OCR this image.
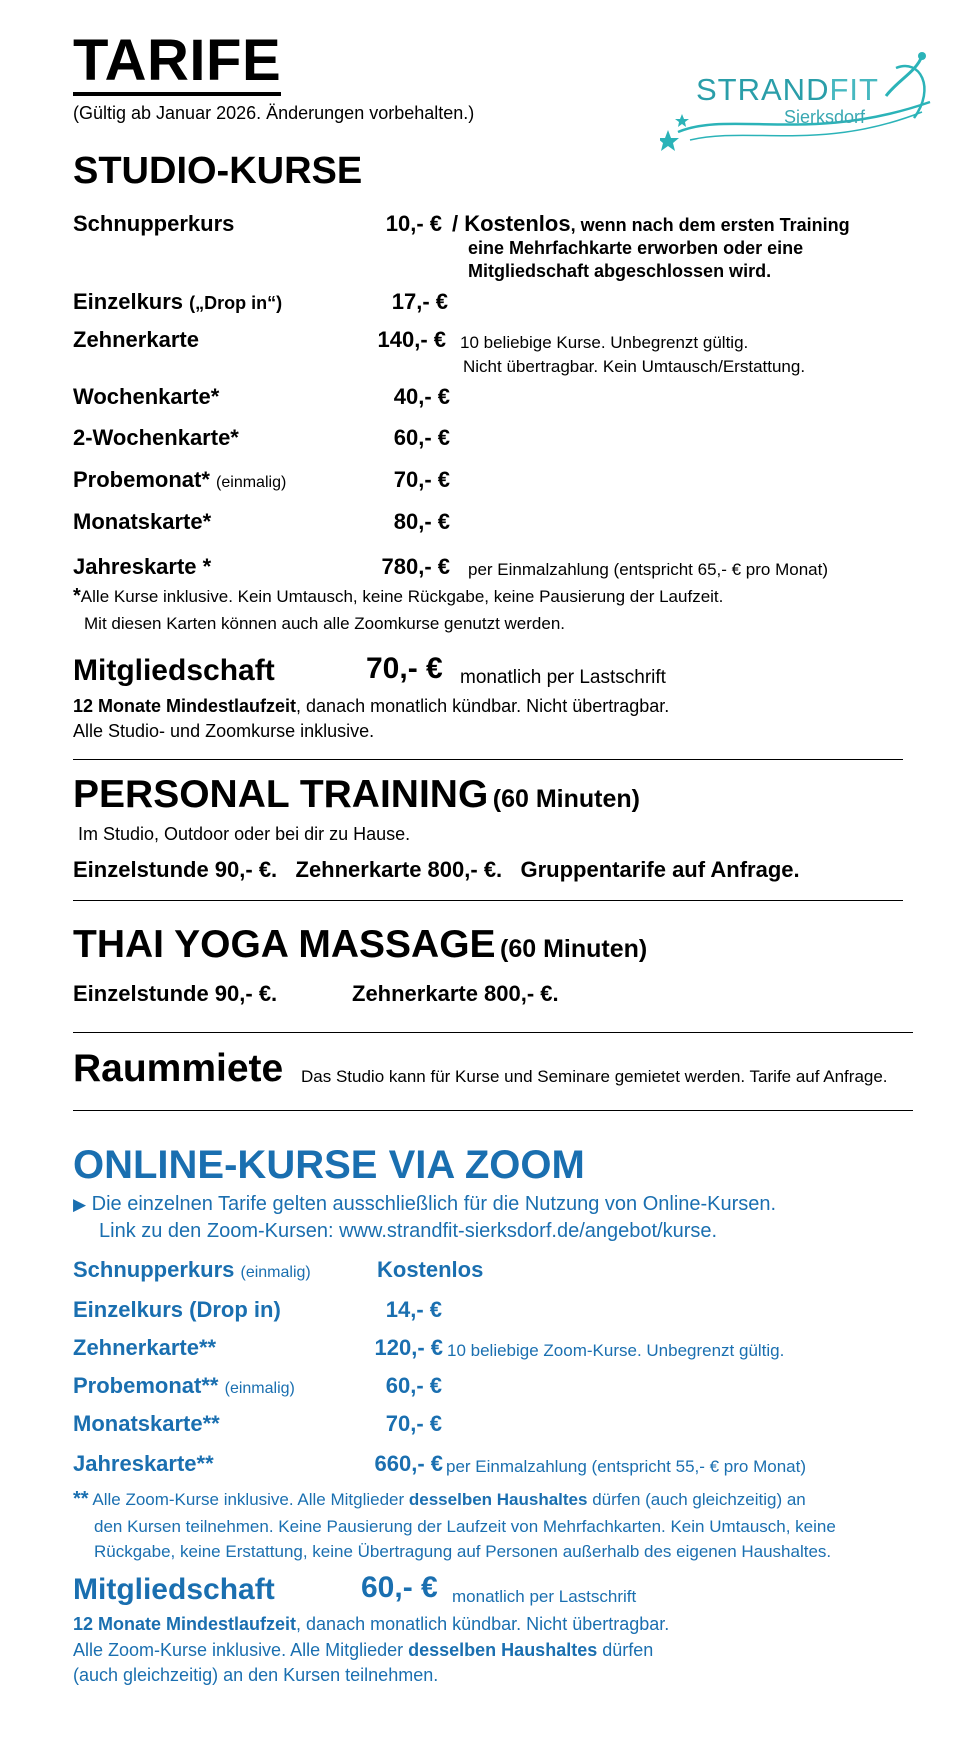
TARIFE
(Gültig ab Januar 2026. Änderungen vorbehalten.)
STRANDFIT
Sierksdorf
STUDIO-KURSE
Schnupperkurs	10,- € / Kostenlos, wenn nach dem ersten Training
eine Mehrfachkarte erworben oder eine
Mitgliedschaft abgeschlossen wird.
Einzelkurs („Drop in“)	17,- €
Zehnerkarte	140,- € 10 beliebige Kurse. Unbegrenzt gültig.
Nicht übertragbar. Kein Umtausch/Erstattung.
Wochenkarte*	40,- €
2-Wochenkarte*	60,- €
Probemonat* (einmalig)	70,- €
Monatskarte*	80,- €
Jahreskarte *	780,- € per Einmalzahlung (entspricht 65,- € pro Monat)
*Alle Kurse inklusive. Kein Umtausch, keine Rückgabe, keine Pausierung der Laufzeit.
Mit diesen Karten können auch alle Zoomkurse genutzt werden.
Mitgliedschaft	70,- € monatlich per Lastschrift
12 Monate Mindestlaufzeit, danach monatlich kündbar. Nicht übertragbar.
Alle Studio- und Zoomkurse inklusive.
PERSONAL TRAINING (60 Minuten)
Im Studio, Outdoor oder bei dir zu Hause.
Einzelstunde 90,- €.   Zehnerkarte 800,- €.   Gruppentarife auf Anfrage.
THAI YOGA MASSAGE (60 Minuten)
Einzelstunde 90,- €.	Zehnerkarte 800,- €.
Raummiete Das Studio kann für Kurse und Seminare gemietet werden. Tarife auf Anfrage.
ONLINE-KURSE VIA ZOOM
▶ Die einzelnen Tarife gelten ausschließlich für die Nutzung von Online-Kursen.
Link zu den Zoom-Kursen: www.strandfit-sierksdorf.de/angebot/kurse.
Schnupperkurs (einmalig)	Kostenlos
Einzelkurs (Drop in)	14,- €
Zehnerkarte**	120,- € 10 beliebige Zoom-Kurse. Unbegrenzt gültig.
Probemonat** (einmalig)	60,- €
Monatskarte**	70,- €
Jahreskarte**	660,- € per Einmalzahlung (entspricht 55,- € pro Monat)
** Alle Zoom-Kurse inklusive. Alle Mitglieder desselben Haushaltes dürfen (auch gleichzeitig) an
den Kursen teilnehmen. Keine Pausierung der Laufzeit von Mehrfachkarten. Kein Umtausch, keine
Rückgabe, keine Erstattung, keine Übertragung auf Personen außerhalb des eigenen Haushaltes.
Mitgliedschaft	60,- € monatlich per Lastschrift
12 Monate Mindestlaufzeit, danach monatlich kündbar. Nicht übertragbar.
Alle Zoom-Kurse inklusive. Alle Mitglieder desselben Haushaltes dürfen
(auch gleichzeitig) an den Kursen teilnehmen.
